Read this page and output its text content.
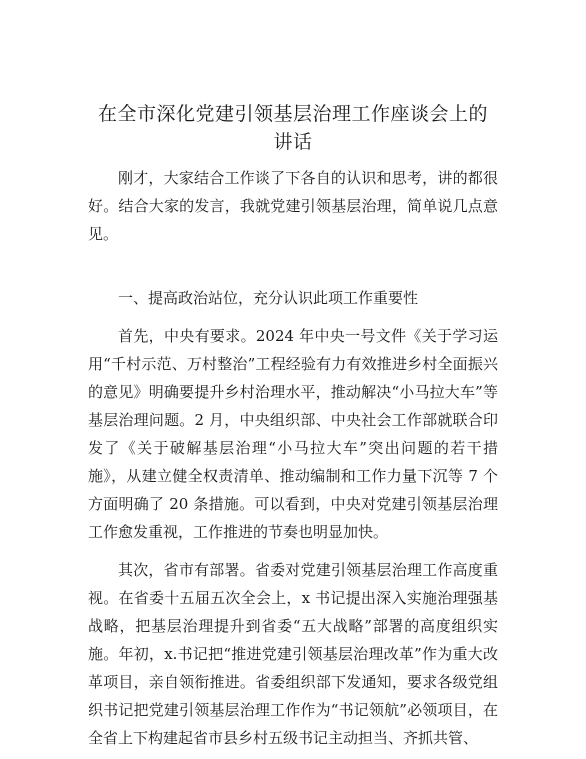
在全市深化党建引领基层治理工作座谈会上的
讲话

刚才，大家结合工作谈了下各自的认识和思考，讲的都很好。结合大家的发言，我就党建引领基层治理，简单说几点意见。

一、提高政治站位，充分认识此项工作重要性

首先，中央有要求。2024 年中央一号文件《关于学习运用“千村示范、万村整治”工程经验有力有效推进乡村全面振兴的意见》明确要提升乡村治理水平，推动解决“小马拉大车”等基层治理问题。2 月，中央组织部、中央社会工作部就联合印发了《关于破解基层治理“小马拉大车”突出问题的若干措施》，从建立健全权责清单、推动编制和工作力量下沉等 7 个方面明确了 20 条措施。可以看到，中央对党建引领基层治理工作愈发重视，工作推进的节奏也明显加快。

其次，省市有部署。省委对党建引领基层治理工作高度重视。在省委十五届五次全会上，x 书记提出深入实施治理强基战略，把基层治理提升到省委“五大战略”部署的高度组织实施。年初，x.书记把“推进党建引领基层治理改革”作为重大改革项目，亲自领衔推进。省委组织部下发通知，要求各级党组织书记把党建引领基层治理工作作为“书记领航”必领项目，在全省上下构建起省市县乡村五级书记主动担当、齐抓共管、
